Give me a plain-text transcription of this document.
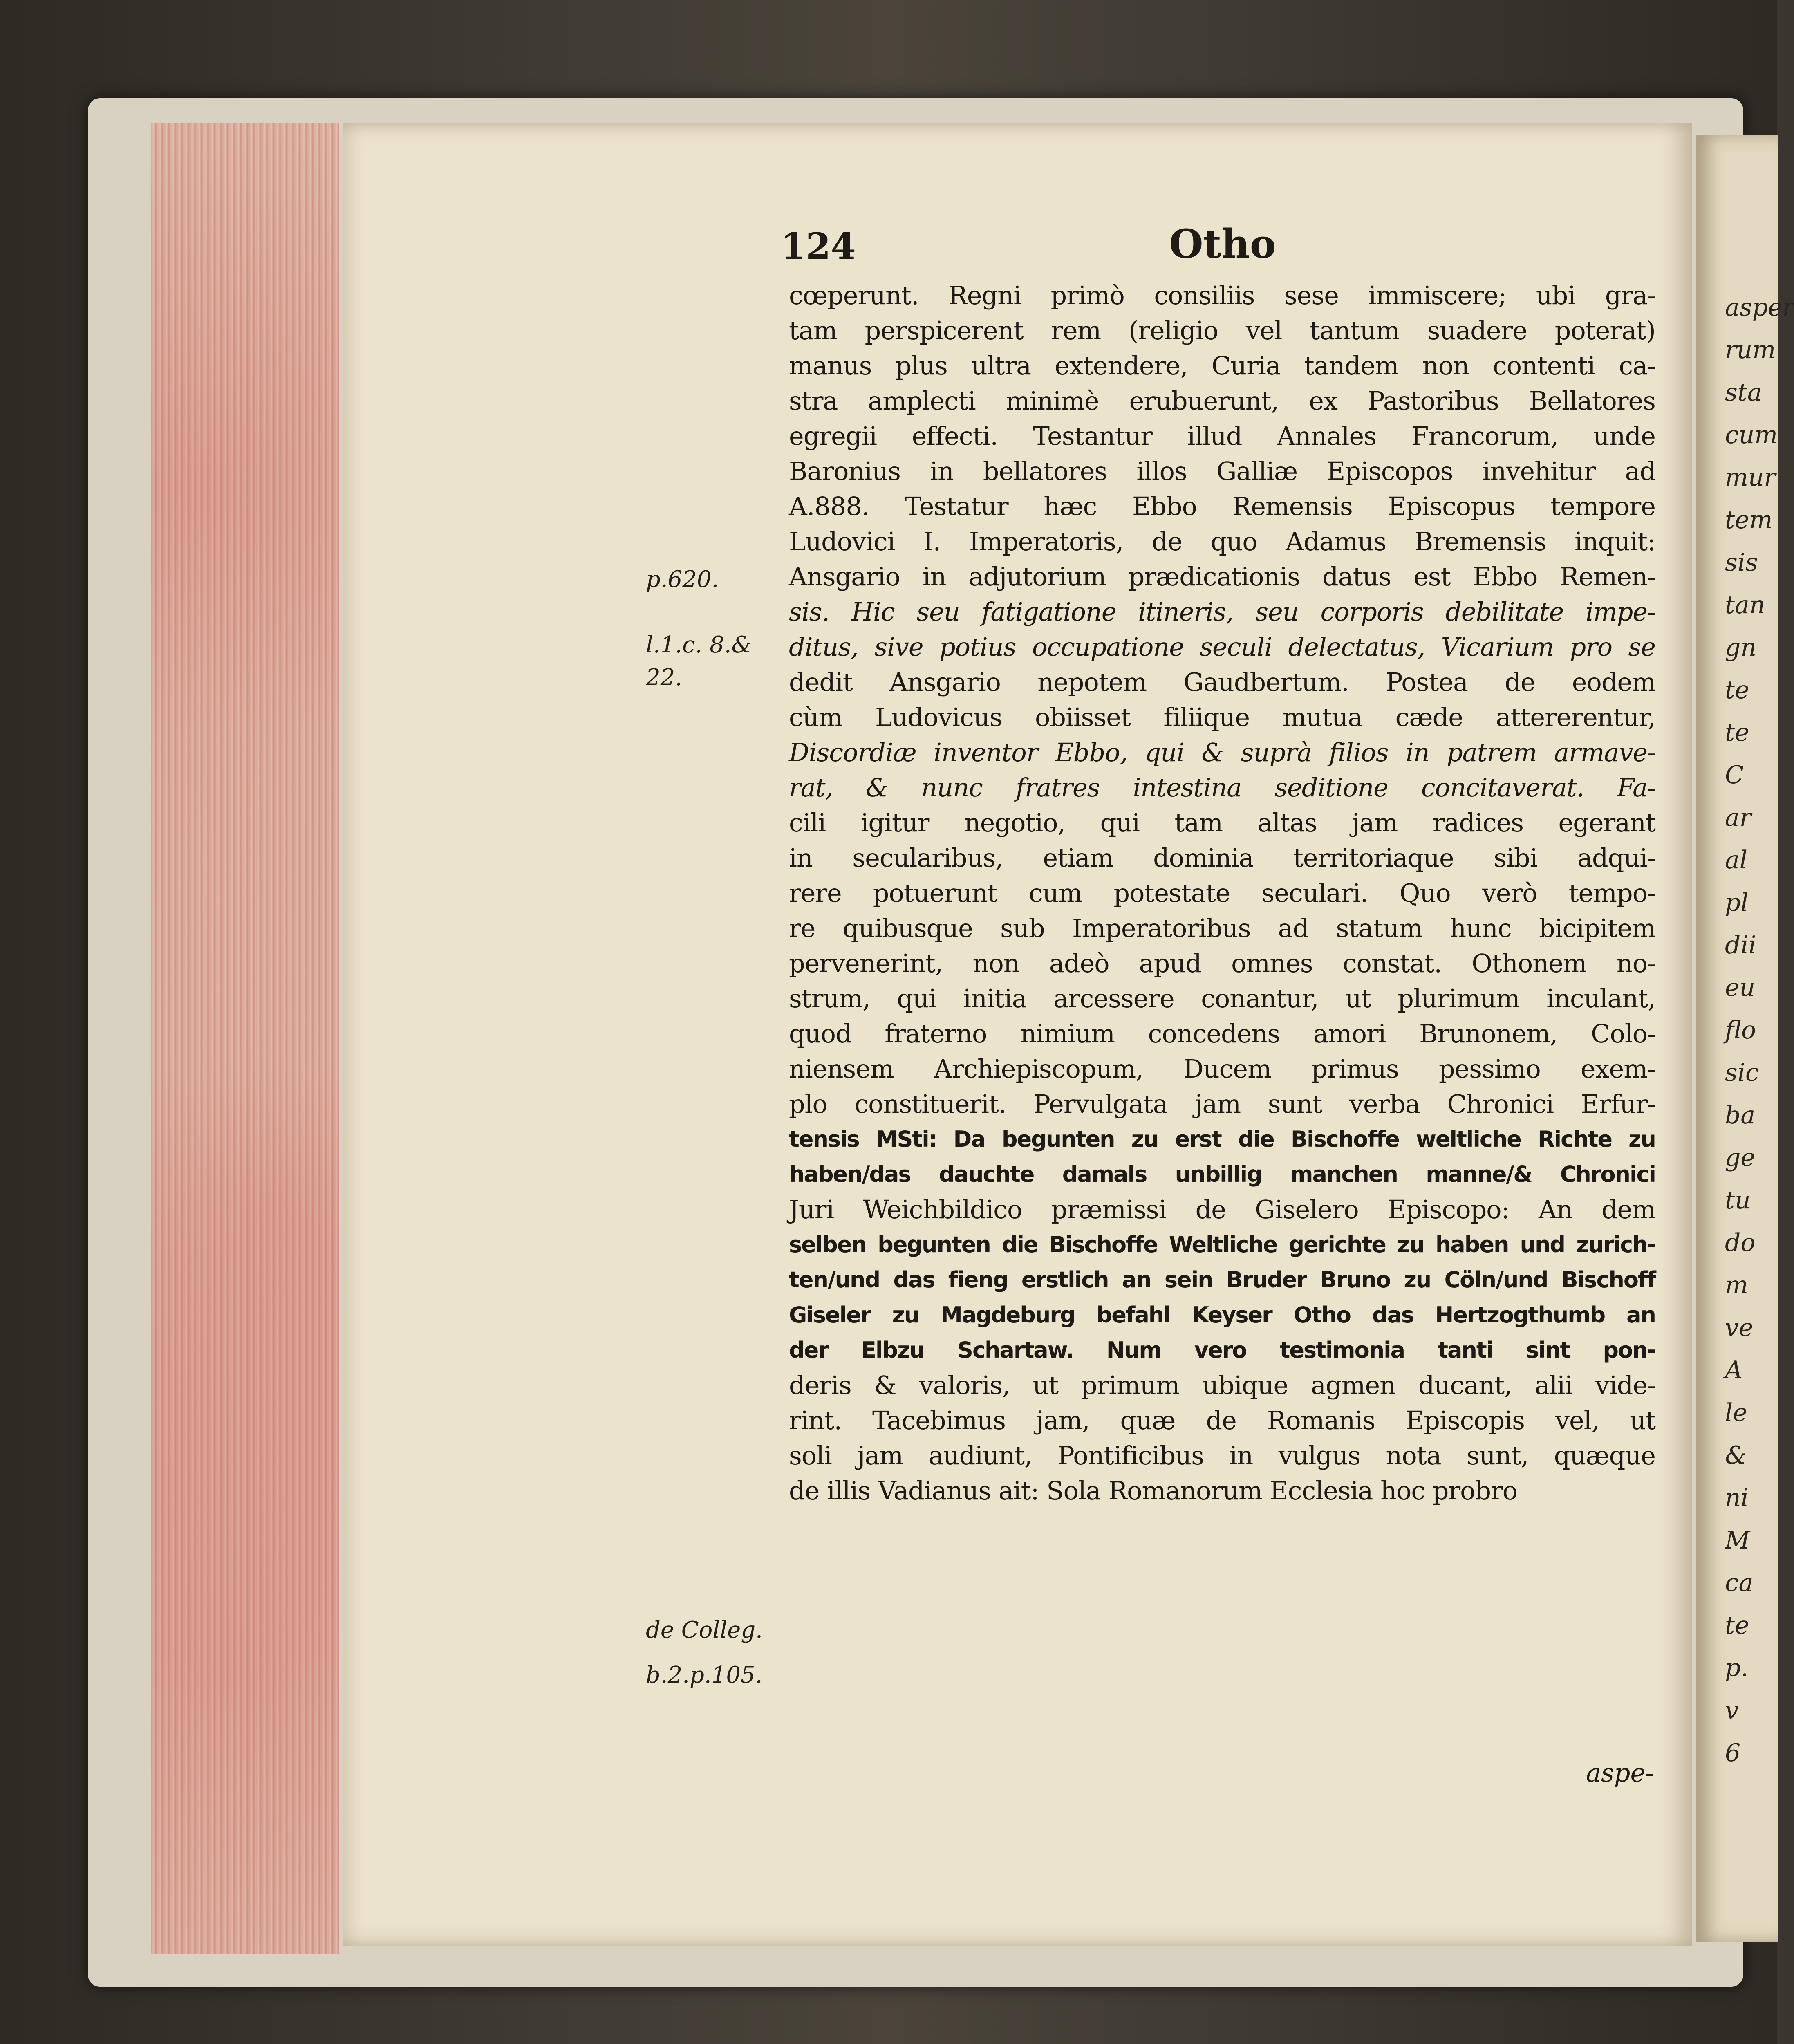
asper
rum
sta
cum
mur
tem
sis
tan
gn
te
te
C
ar
al
pl
dii
eu
flo
sic
ba
ge
tu
do
m
ve
A
le
&
ni
M
ca
te
p.
v
6
124	Otho
p.620.
l.1.c. 8.&
22.
de Colleg.
b.2.p.105.
cœperunt. Regni primò consiliis sese immiscere; ubi gra-
tam perspicerent rem (religio vel tantum suadere poterat)
manus plus ultra extendere, Curia tandem non contenti ca-
stra amplecti minimè erubuerunt, ex Pastoribus Bellatores
egregii effecti. Testantur illud Annales Francorum, unde
Baronius in bellatores illos Galliæ Episcopos invehitur ad
A.888. Testatur hæc Ebbo Remensis Episcopus tempore
Ludovici I. Imperatoris, de quo Adamus Bremensis inquit:
Ansgario in adjutorium prædicationis datus est Ebbo Remen-
sis. Hic seu fatigatione itineris, seu corporis debilitate impe-
ditus, sive potius occupatione seculi delectatus, Vicarium pro se
dedit Ansgario nepotem Gaudbertum. Postea de eodem
cùm Ludovicus obiisset filiique mutua cæde attererentur,
Discordiæ inventor Ebbo, qui & suprà filios in patrem armave-
rat, & nunc fratres intestina seditione concitaverat. Fa-
cili igitur negotio, qui tam altas jam radices egerant
in secularibus, etiam dominia territoriaque sibi adqui-
rere potuerunt cum potestate seculari. Quo verò tempo-
re quibusque sub Imperatoribus ad statum hunc bicipitem
pervenerint, non adeò apud omnes constat. Othonem no-
strum, qui initia arcessere conantur, ut plurimum inculant,
quod fraterno nimium concedens amori Brunonem, Colo-
niensem Archiepiscopum, Ducem primus pessimo exem-
plo constituerit. Pervulgata jam sunt verba Chronici Erfur-
tensis MSti: Da begunten zu erst die Bischoffe weltliche Richte zu
haben/das dauchte damals unbillig manchen manne/& Chronici
Juri Weichbildico præmissi de Giselero Episcopo: An dem
selben begunten die Bischoffe Weltliche gerichte zu haben und zurich-
ten/und das fieng erstlich an sein Bruder Bruno zu Cöln/und Bischoff
Giseler zu Magdeburg befahl Keyser Otho das Hertzogthumb an
der Elbzu Schartaw. Num vero testimonia tanti sint pon-
deris & valoris, ut primum ubique agmen ducant, alii vide-
rint. Tacebimus jam, quæ de Romanis Episcopis vel, ut
soli jam audiunt, Pontificibus in vulgus nota sunt, quæque
de illis Vadianus ait: Sola Romanorum Ecclesia hoc probro
aspe-
